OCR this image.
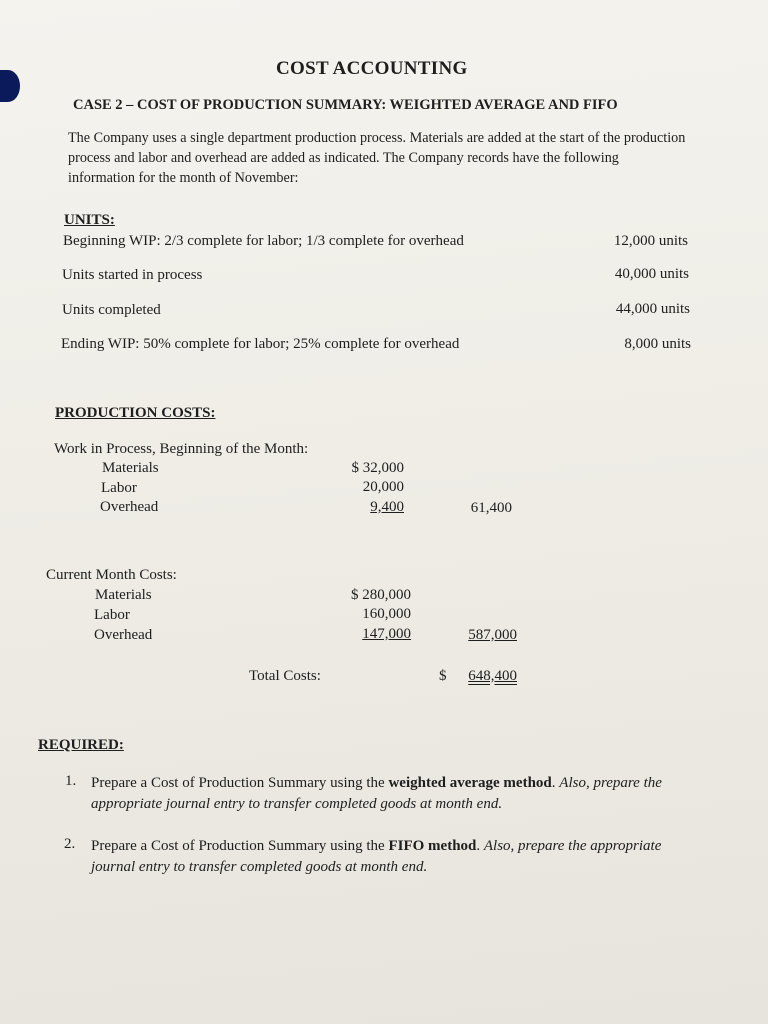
COST ACCOUNTING
CASE 2 – COST OF PRODUCTION SUMMARY: WEIGHTED AVERAGE AND FIFO
The Company uses a single department production process. Materials are added at the start of the production process and labor and overhead are added as indicated. The Company records have the following information for the month of November:
UNITS:
Beginning WIP: 2/3 complete for labor; 1/3 complete for overhead	12,000 units
Units started in process	40,000 units
Units completed	44,000 units
Ending WIP: 50% complete for labor; 25% complete for overhead	8,000 units
PRODUCTION COSTS:
Work in Process, Beginning of the Month:
Materials	$ 32,000
Labor	20,000
Overhead	9,400	61,400
Current Month Costs:
Materials	$ 280,000
Labor	160,000
Overhead	147,000	587,000
Total Costs:	$ 648,400
REQUIRED:
1. Prepare a Cost of Production Summary using the weighted average method. Also, prepare the appropriate journal entry to transfer completed goods at month end.
2. Prepare a Cost of Production Summary using the FIFO method. Also, prepare the appropriate journal entry to transfer completed goods at month end.
